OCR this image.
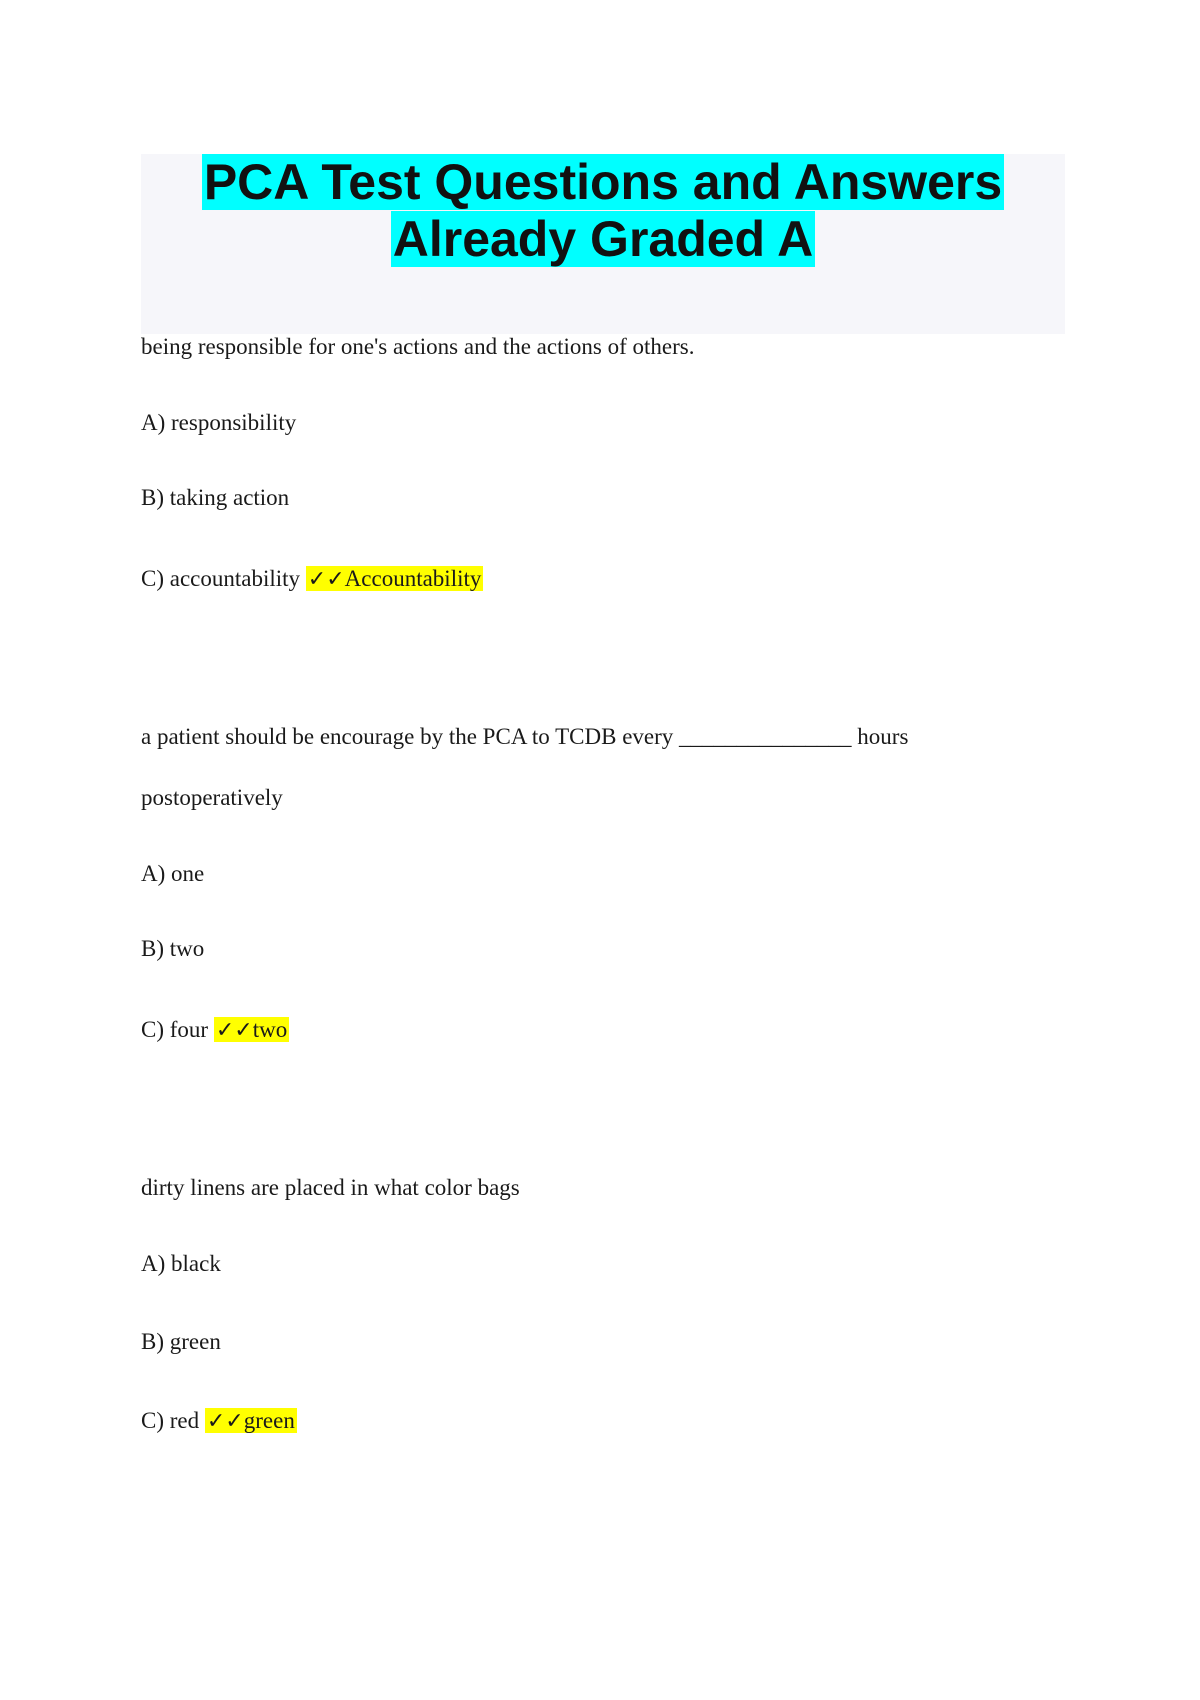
PCA Test Questions and Answers
Already Graded A
being responsible for one's actions and the actions of others.
A) responsibility
B) taking action
C) accountability ✓✓Accountability
a patient should be encourage by the PCA to TCDB every _______________ hours
postoperatively
A) one
B) two
C) four ✓✓two
dirty linens are placed in what color bags
A) black
B) green
C) red ✓✓green
